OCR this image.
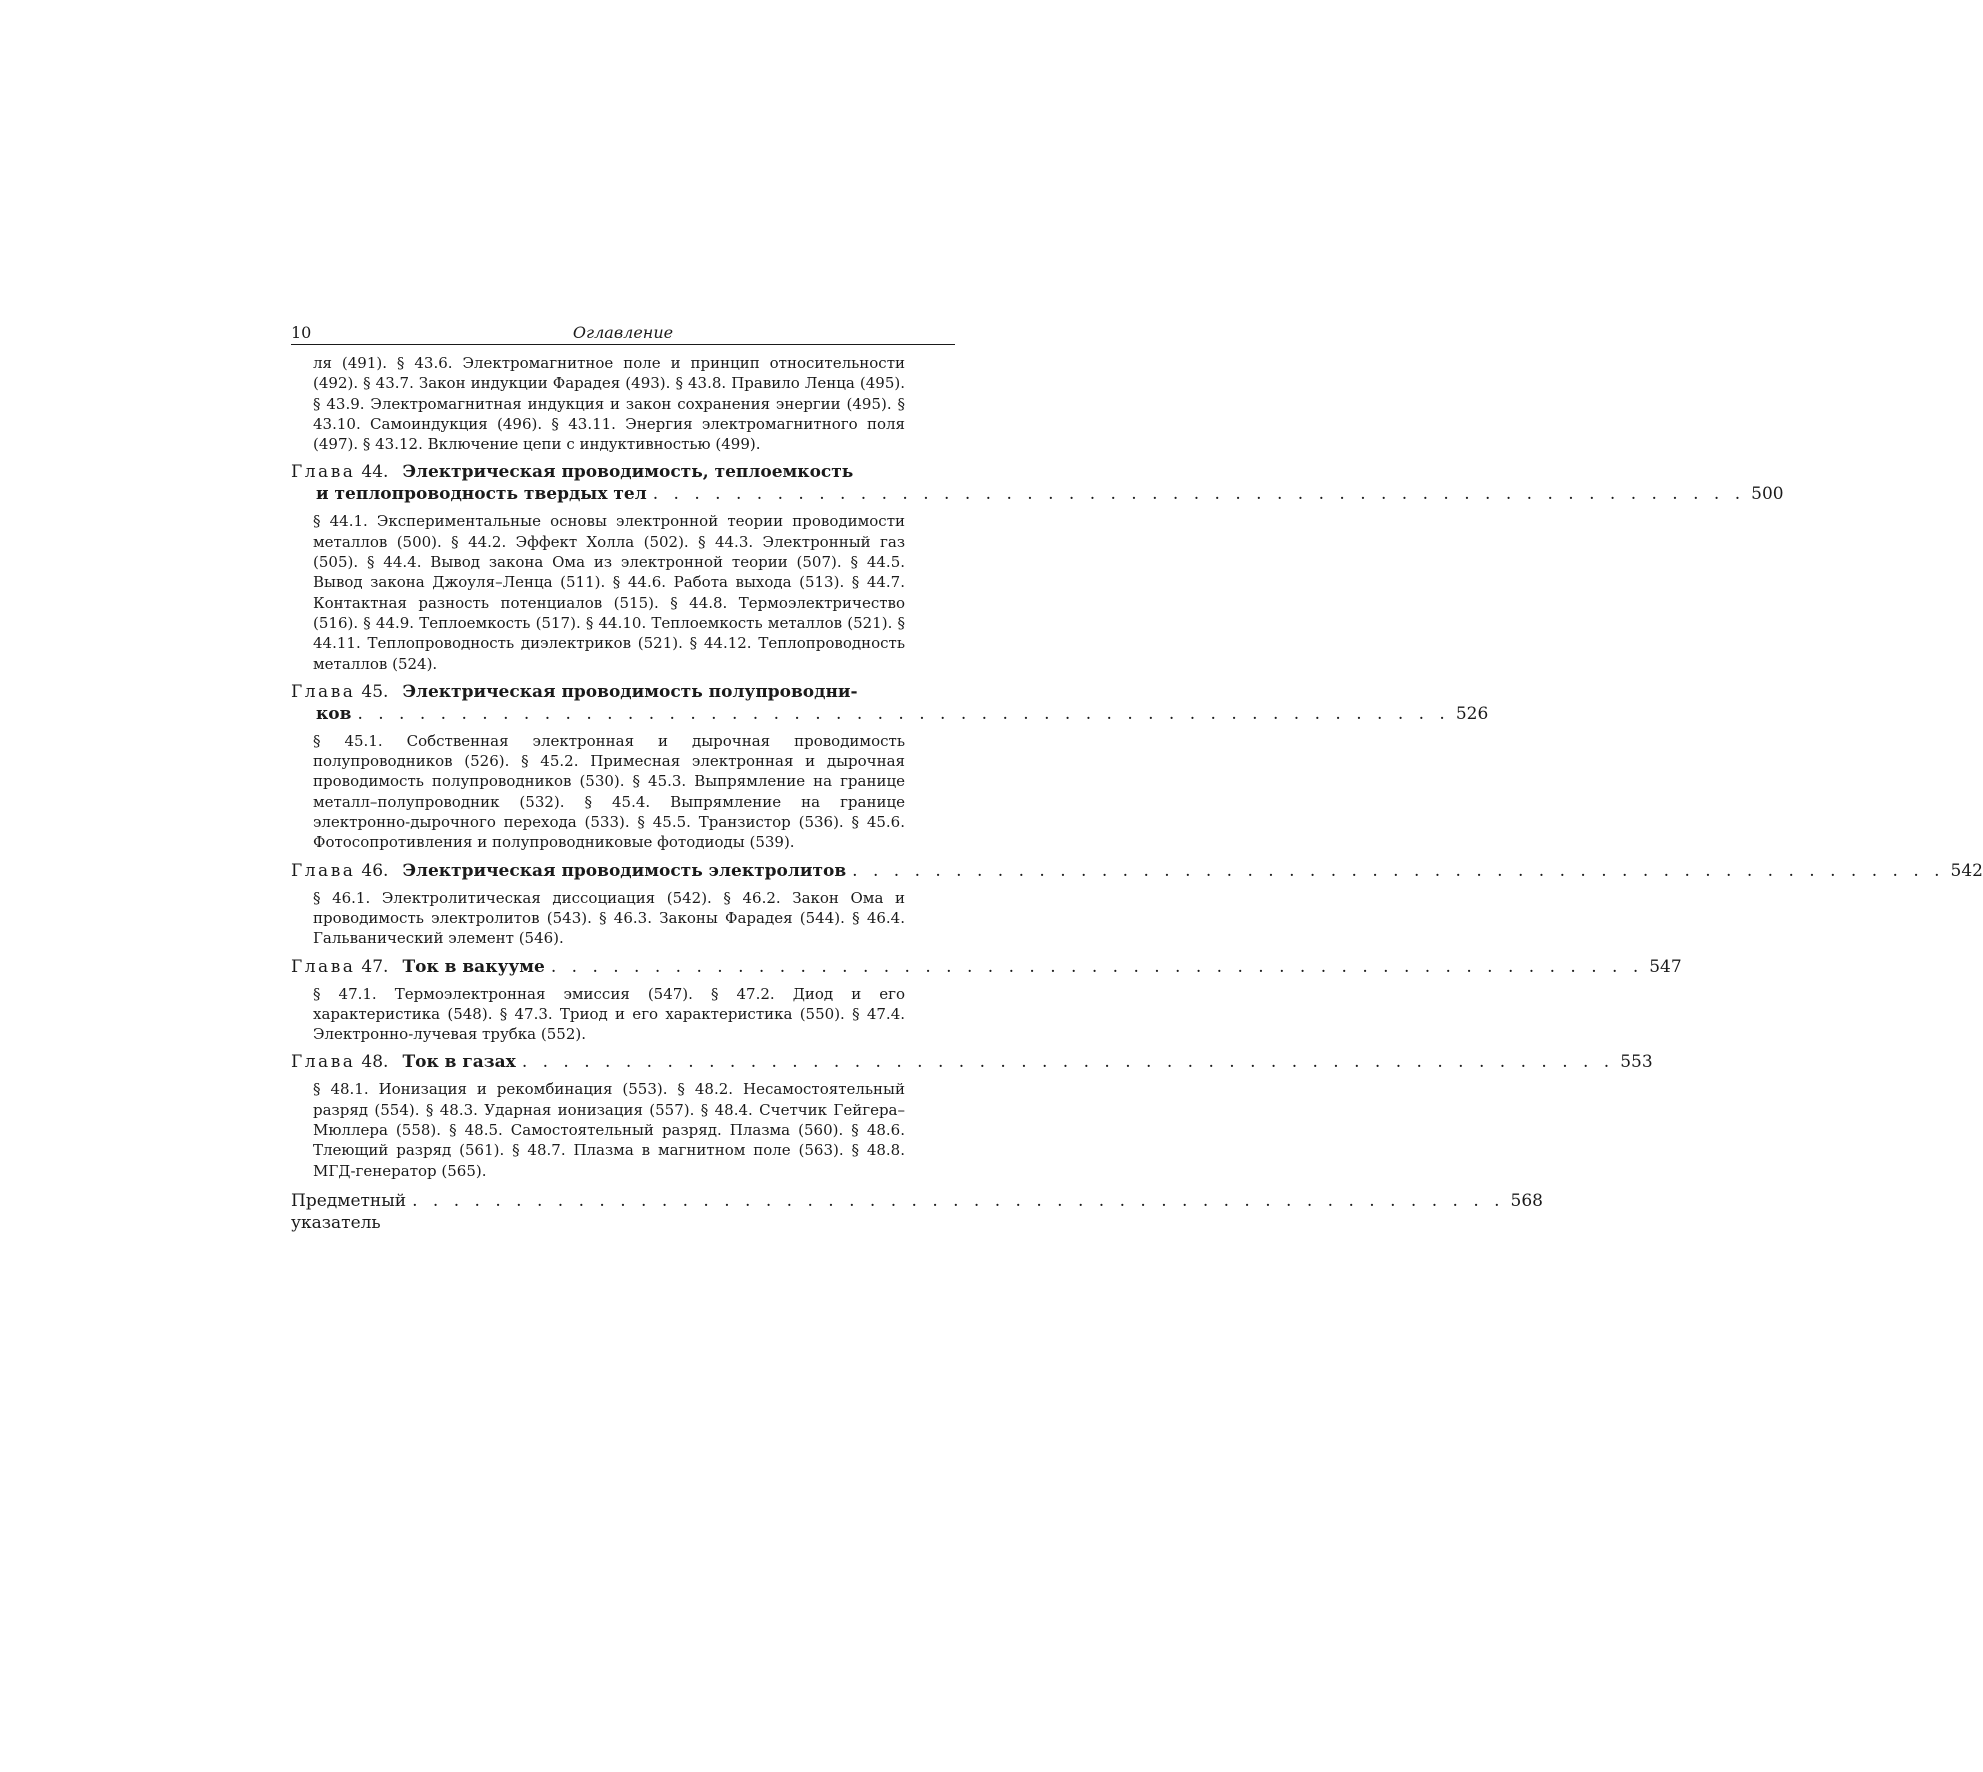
10	Оглавление
ля (491). § 43.6. Электромагнитное поле и принцип относительности (492). § 43.7. Закон индукции Фарадея (493). § 43.8. Правило Ленца (495). § 43.9. Электромагнитная индукция и закон сохранения энергии (495). § 43.10. Самоиндукция (496). § 43.11. Энергия электромагнитного поля (497). § 43.12. Включение цепи с индуктивностью (499).
Глава 44. Электрическая проводимость, теплоемкость
и теплопроводность твердых тел . . . . . . . . . . . . . . . . . . . . . . . . . . . . . . . . . . . . . . . . . . . . . . . . . . . . . 500
§ 44.1. Экспериментальные основы электронной теории проводимости металлов (500). § 44.2. Эффект Холла (502). § 44.3. Электронный газ (505). § 44.4. Вывод закона Ома из электронной теории (507). § 44.5. Вывод закона Джоуля–Ленца (511). § 44.6. Работа выхода (513). § 44.7. Контактная разность потенциалов (515). § 44.8. Термоэлектричество (516). § 44.9. Теплоемкость (517). § 44.10. Теплоемкость металлов (521). § 44.11. Теплопроводность диэлектриков (521). § 44.12. Теплопроводность металлов (524).
Глава 45. Электрическая проводимость полупроводни-
ков . . . . . . . . . . . . . . . . . . . . . . . . . . . . . . . . . . . . . . . . . . . . . . . . . . . . . 526
§ 45.1. Собственная электронная и дырочная проводимость полупроводников (526). § 45.2. Примесная электронная и дырочная проводимость полупроводников (530). § 45.3. Выпрямление на границе металл–полупроводник (532). § 45.4. Выпрямление на границе электронно-дырочного перехода (533). § 45.5. Транзистор (536). § 45.6. Фотосопротивления и полупроводниковые фотодиоды (539).
Глава 46. Электрическая проводимость электролитов . . . . . . . . . . . . . . . . . . . . . . . . . . . . . . . . . . . . . . . . . . . . . . . . . . . . . 542
§ 46.1. Электролитическая диссоциация (542). § 46.2. Закон Ома и проводимость электролитов (543). § 46.3. Законы Фарадея (544). § 46.4. Гальванический элемент (546).
Глава 47. Ток в вакууме . . . . . . . . . . . . . . . . . . . . . . . . . . . . . . . . . . . . . . . . . . . . . . . . . . . . . 547
§ 47.1. Термоэлектронная эмиссия (547). § 47.2. Диод и его характеристика (548). § 47.3. Триод и его характеристика (550). § 47.4. Электронно-лучевая трубка (552).
Глава 48. Ток в газах . . . . . . . . . . . . . . . . . . . . . . . . . . . . . . . . . . . . . . . . . . . . . . . . . . . . . 553
§ 48.1. Ионизация и рекомбинация (553). § 48.2. Несамостоятельный разряд (554). § 48.3. Ударная ионизация (557). § 48.4. Счетчик Гейгера–Мюллера (558). § 48.5. Самостоятельный разряд. Плазма (560). § 48.6. Тлеющий разряд (561). § 48.7. Плазма в магнитном поле (563). § 48.8. МГД-генератор (565).
Предметный указатель
. . . . . . . . . . . . . . . . . . . . . . . . . . . . . . . . . . . . . . . . . . . . . . . . . . . . . 568
